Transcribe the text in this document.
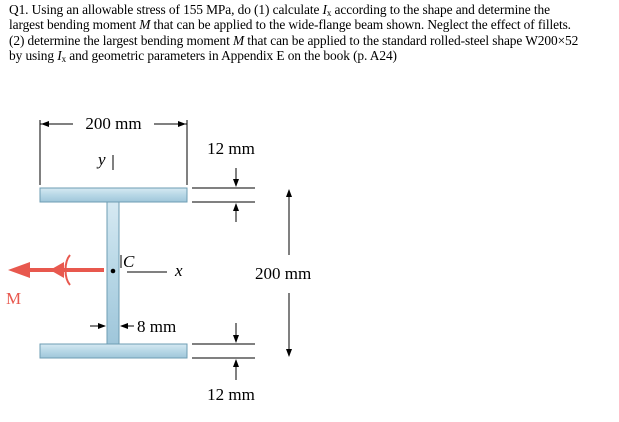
Q1. Using an allowable stress of 155 MPa, do (1) calculate $I_x$ according to the shape and determine the
largest bending moment M that can be applied to the wide-flange beam shown. Neglect the effect of fillets.
(2) determine the largest bending moment M that can be applied to the standard rolled-steel shape W200×52
by using $I_x$ and geometric parameters in Appendix E on the book (p. A24)
200 mm
y
12 mm
200 mm
C x
M
8 mm
12 mm
